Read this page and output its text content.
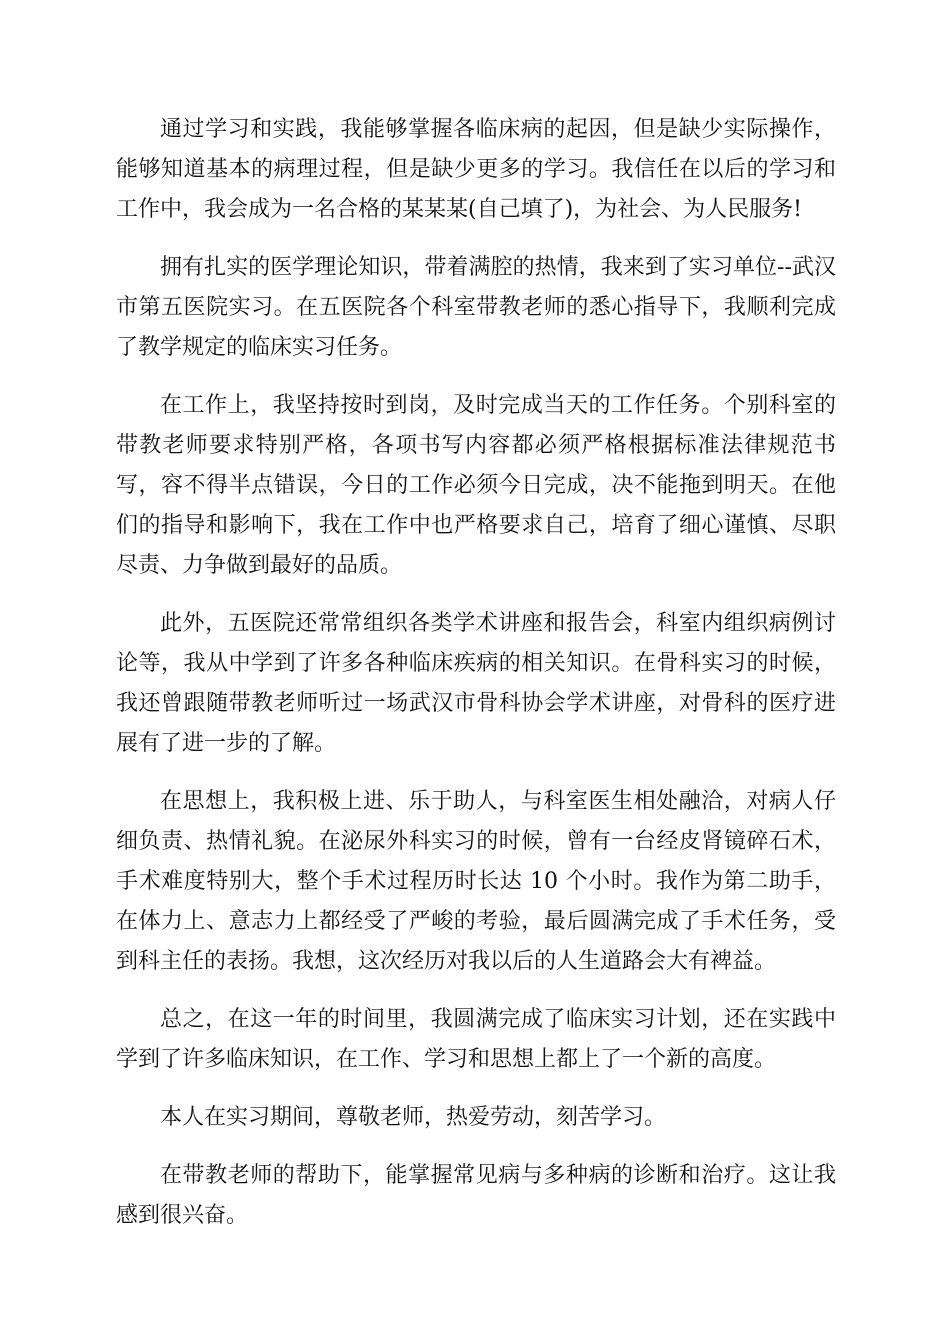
通过学习和实践，我能够掌握各临床病的起因，但是缺少实际操作，能够知道基本的病理过程，但是缺少更多的学习。我信任在以后的学习和工作中，我会成为一名合格的某某某(自己填了)，为社会、为人民服务!

拥有扎实的医学理论知识，带着满腔的热情，我来到了实习单位--武汉市第五医院实习。在五医院各个科室带教老师的悉心指导下，我顺利完成了教学规定的临床实习任务。

在工作上，我坚持按时到岗，及时完成当天的工作任务。个别科室的带教老师要求特别严格，各项书写内容都必须严格根据标准法律规范书写，容不得半点错误，今日的工作必须今日完成，决不能拖到明天。在他们的指导和影响下，我在工作中也严格要求自己，培育了细心谨慎、尽职尽责、力争做到最好的品质。

此外，五医院还常常组织各类学术讲座和报告会，科室内组织病例讨论等，我从中学到了许多各种临床疾病的相关知识。在骨科实习的时候，我还曾跟随带教老师听过一场武汉市骨科协会学术讲座，对骨科的医疗进展有了进一步的了解。

在思想上，我积极上进、乐于助人，与科室医生相处融洽，对病人仔细负责、热情礼貌。在泌尿外科实习的时候，曾有一台经皮肾镜碎石术，手术难度特别大，整个手术过程历时长达 10 个小时。我作为第二助手，在体力上、意志力上都经受了严峻的考验，最后圆满完成了手术任务，受到科主任的表扬。我想，这次经历对我以后的人生道路会大有裨益。

总之，在这一年的时间里，我圆满完成了临床实习计划，还在实践中学到了许多临床知识，在工作、学习和思想上都上了一个新的高度。

本人在实习期间，尊敬老师，热爱劳动，刻苦学习。

在带教老师的帮助下，能掌握常见病与多种病的诊断和治疗。这让我感到很兴奋。
